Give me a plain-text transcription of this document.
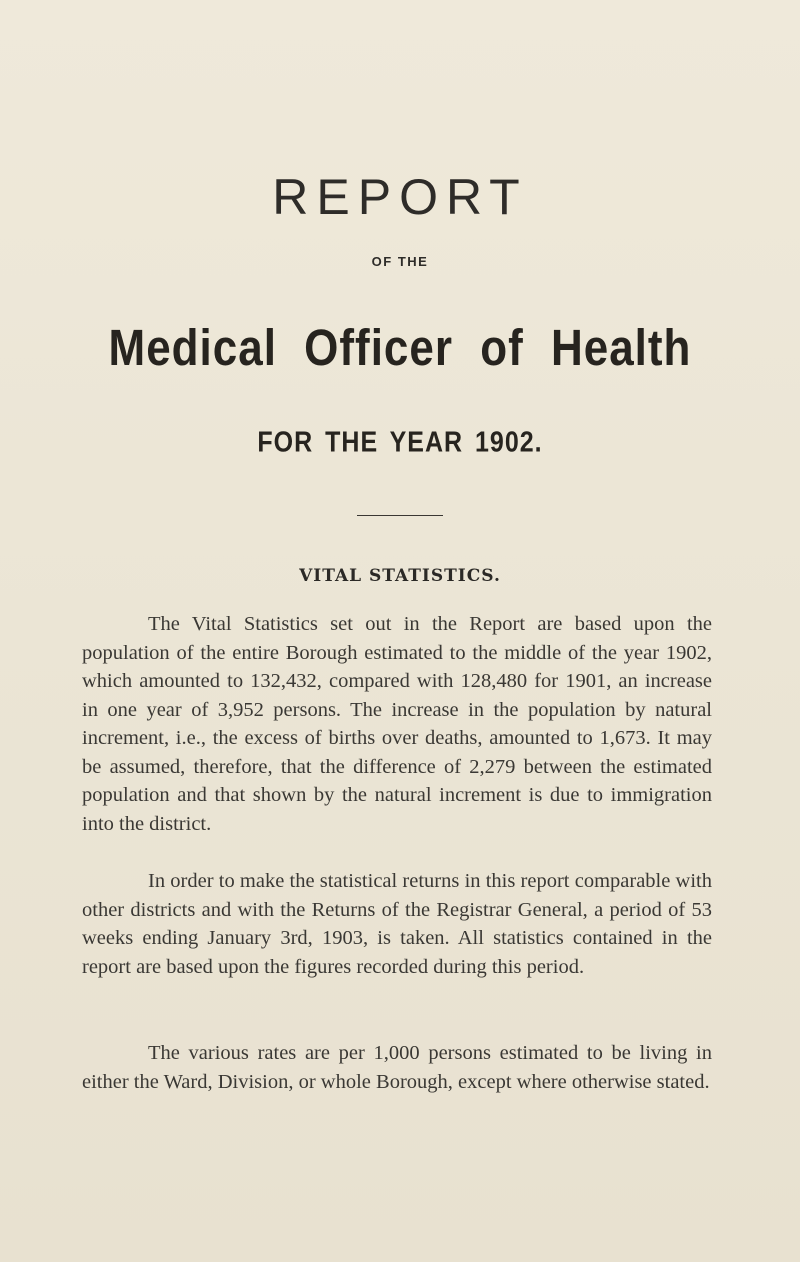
REPORT
OF THE
Medical Officer of Health
FOR THE YEAR 1902.
VITAL STATISTICS.

The Vital Statistics set out in the Report are based upon the population of the entire Borough estimated to the middle of the year 1902, which amounted to 132,432, compared with 128,480 for 1901, an increase in one year of 3,952 persons. The increase in the population by natural increment, i.e., the excess of births over deaths, amounted to 1,673. It may be assumed, therefore, that the difference of 2,279 between the estimated population and that shown by the natural increment is due to immigration into the district.

In order to make the statistical returns in this report comparable with other districts and with the Returns of the Registrar General, a period of 53 weeks ending January 3rd, 1903, is taken. All statistics contained in the report are based upon the figures recorded during this period.

The various rates are per 1,000 persons estimated to be living in either the Ward, Division, or whole Borough, except where otherwise stated.
